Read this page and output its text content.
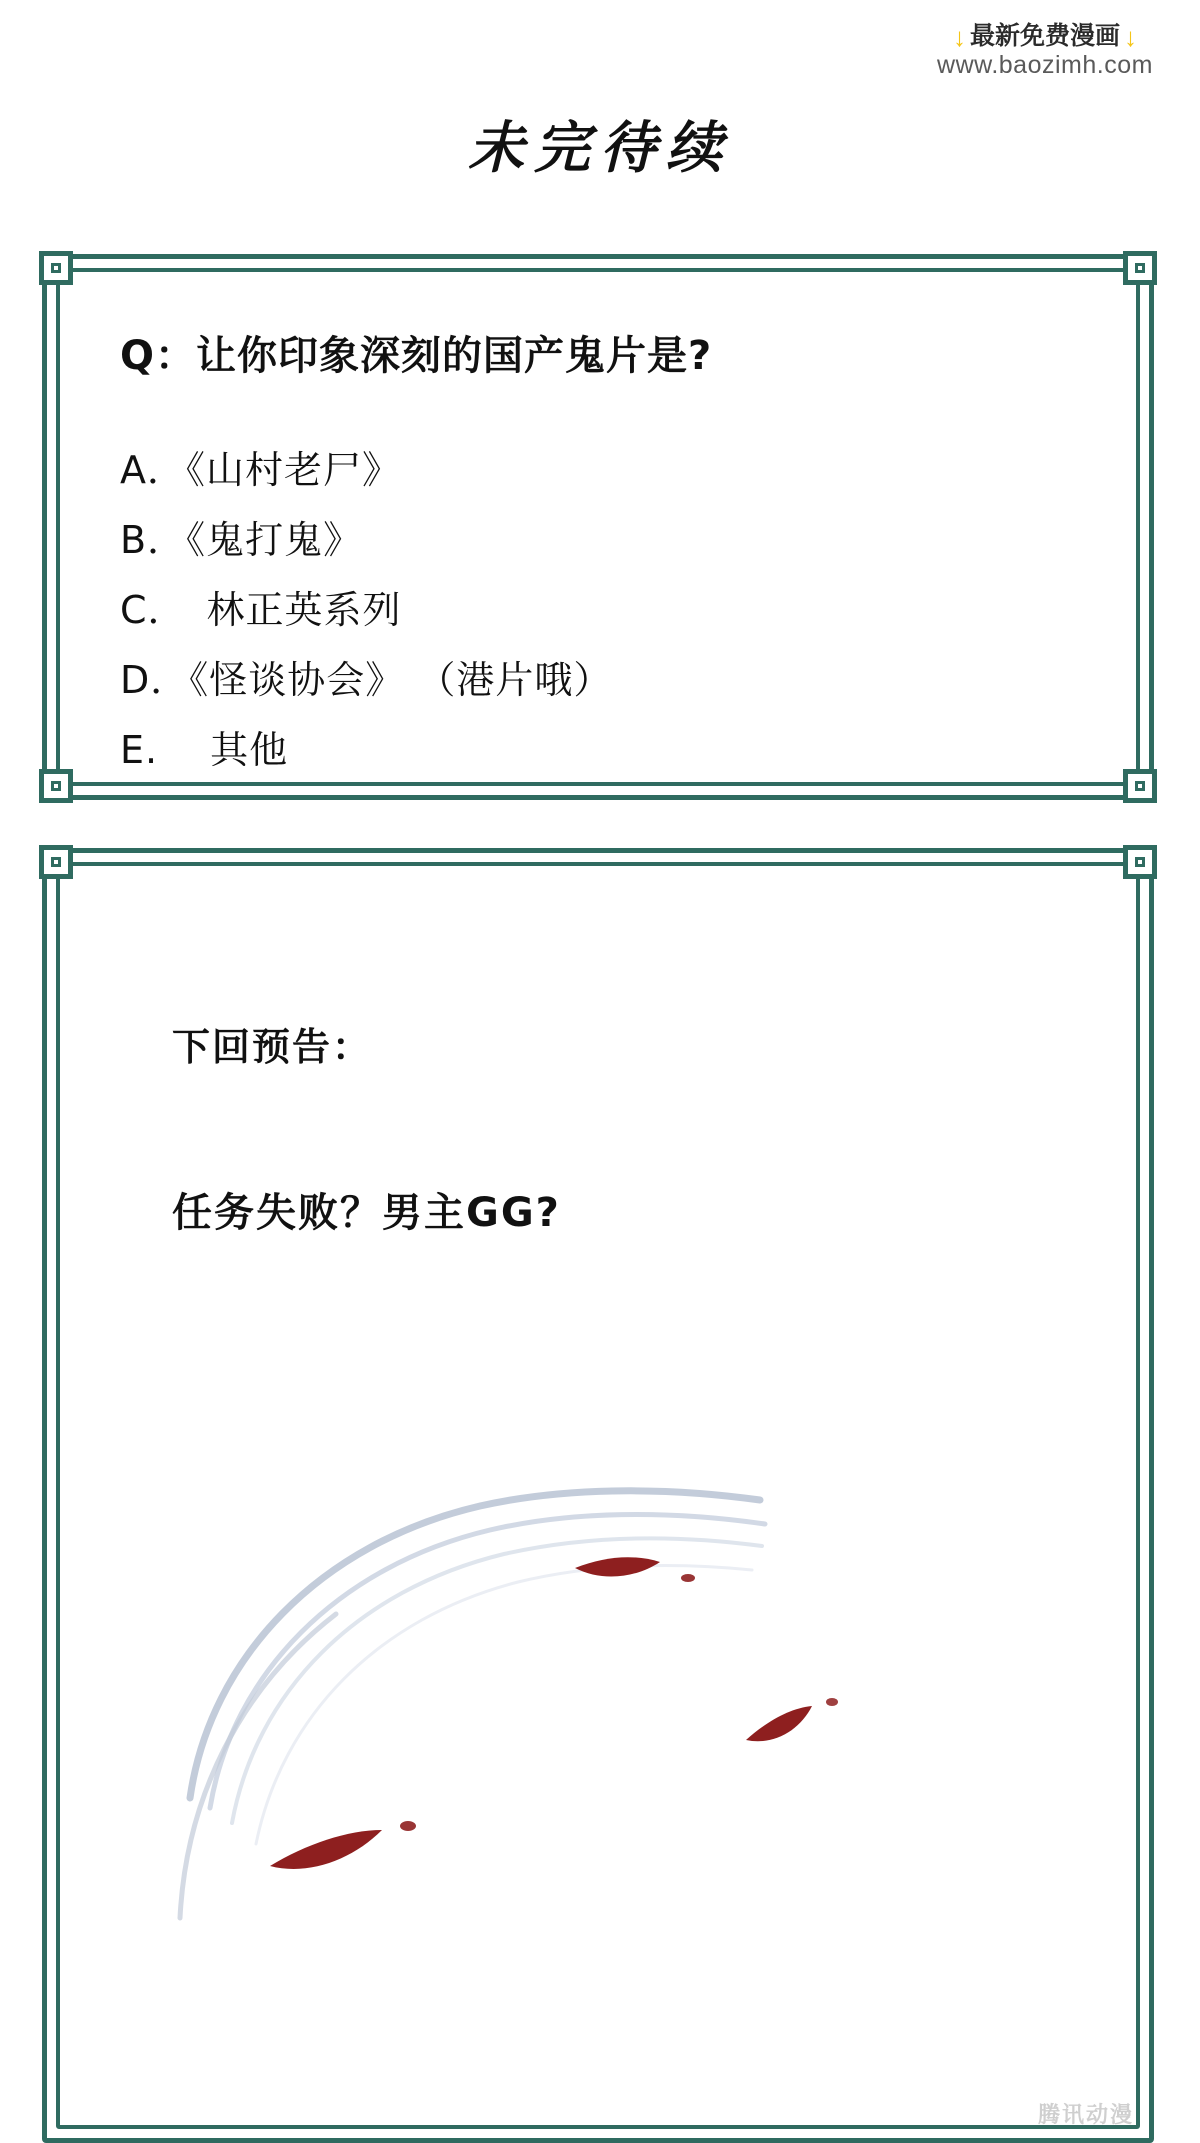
↓ 最新免费漫画 ↓
www.baozimh.com
未完待续
Q：让你印象深刻的国产鬼片是?
A．《山村老尸》
B．《鬼打鬼》
C．　林正英系列
D．《怪谈协会》 （港片哦）
E.　 其他
下回预告：
任务失败？男主GG?
腾讯动漫
